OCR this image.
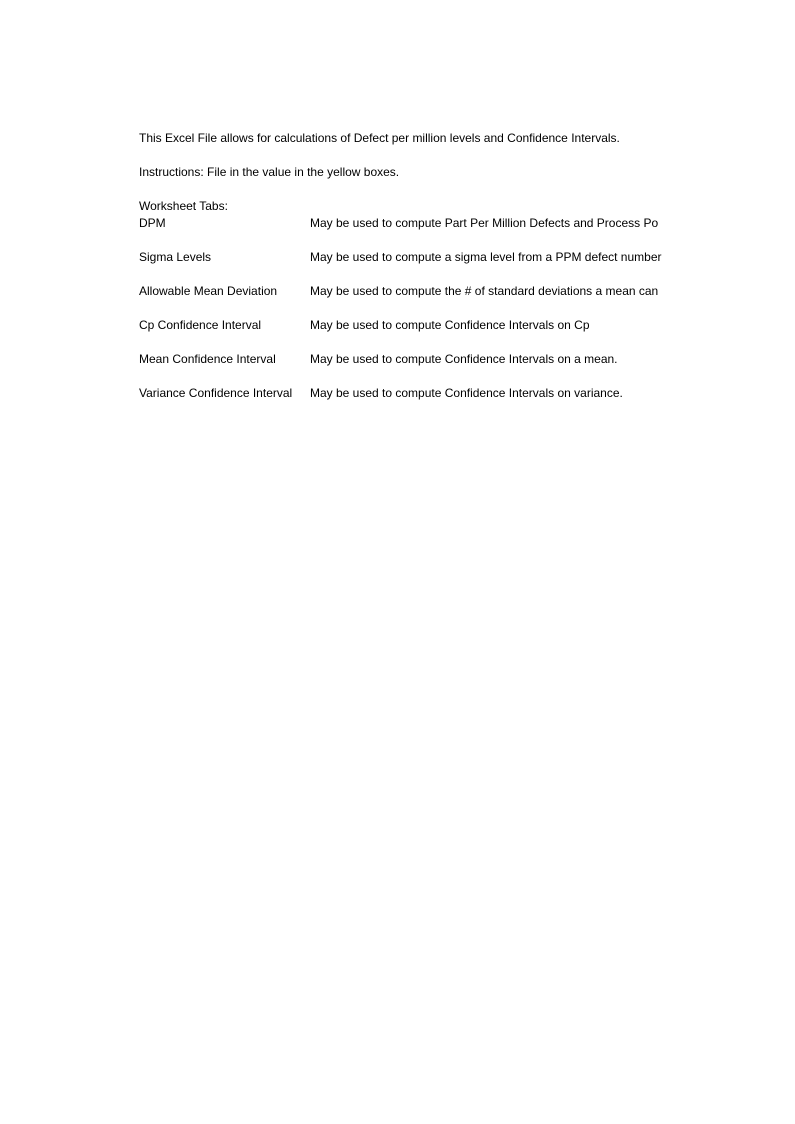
This Excel File allows for calculations of Defect per million levels and Confidence Intervals.
Instructions: File in the value in the yellow boxes.
Worksheet Tabs:
DPM	May be used to compute Part Per Million Defects and Process Po
Sigma Levels	May be used to compute a sigma level from a PPM defect number
Allowable Mean Deviation	May be used to compute the # of standard deviations a mean can
Cp Confidence Interval	May be used to compute Confidence Intervals on Cp
Mean Confidence Interval	May be used to compute Confidence Intervals on a mean.
Variance Confidence Interval	May be used to compute Confidence Intervals on variance.
